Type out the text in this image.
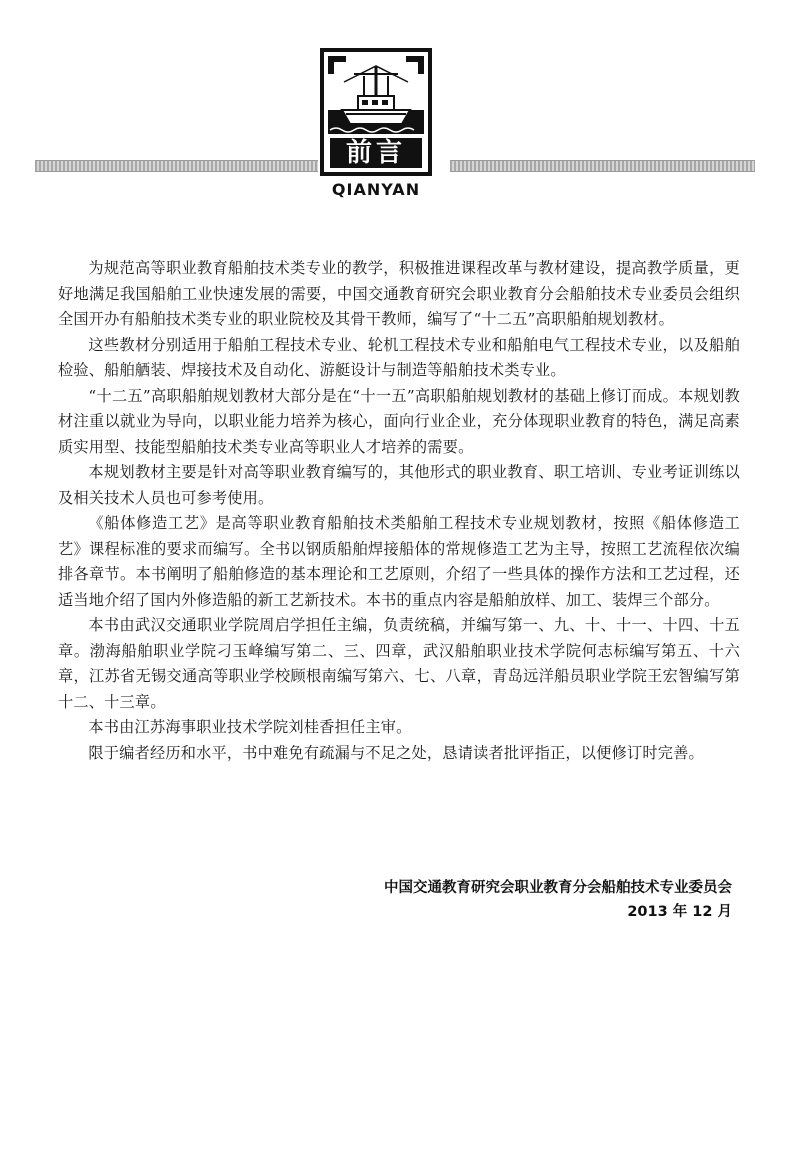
前言
QIANYAN

为规范高等职业教育船舶技术类专业的教学，积极推进课程改革与教材建设，提高教学质量，更好地满足我国船舶工业快速发展的需要，中国交通教育研究会职业教育分会船舶技术专业委员会组织全国开办有船舶技术类专业的职业院校及其骨干教师，编写了“十二五”高职船舶规划教材。

这些教材分别适用于船舶工程技术专业、轮机工程技术专业和船舶电气工程技术专业，以及船舶检验、船舶舾装、焊接技术及自动化、游艇设计与制造等船舶技术类专业。

“十二五”高职船舶规划教材大部分是在“十一五”高职船舶规划教材的基础上修订而成。本规划教材注重以就业为导向，以职业能力培养为核心，面向行业企业，充分体现职业教育的特色，满足高素质实用型、技能型船舶技术类专业高等职业人才培养的需要。

本规划教材主要是针对高等职业教育编写的，其他形式的职业教育、职工培训、专业考证训练以及相关技术人员也可参考使用。

《船体修造工艺》是高等职业教育船舶技术类船舶工程技术专业规划教材，按照《船体修造工艺》课程标准的要求而编写。全书以钢质船舶焊接船体的常规修造工艺为主导，按照工艺流程依次编排各章节。本书阐明了船舶修造的基本理论和工艺原则，介绍了一些具体的操作方法和工艺过程，还适当地介绍了国内外修造船的新工艺新技术。本书的重点内容是船舶放样、加工、装焊三个部分。

本书由武汉交通职业学院周启学担任主编，负责统稿，并编写第一、九、十、十一、十四、十五章。渤海船舶职业学院刁玉峰编写第二、三、四章，武汉船舶职业技术学院何志标编写第五、十六章，江苏省无锡交通高等职业学校顾根南编写第六、七、八章，青岛远洋船员职业学院王宏智编写第十二、十三章。

本书由江苏海事职业技术学院刘桂香担任主审。

限于编者经历和水平，书中难免有疏漏与不足之处，恳请读者批评指正，以便修订时完善。

中国交通教育研究会职业教育分会船舶技术专业委员会
2013 年 12 月
